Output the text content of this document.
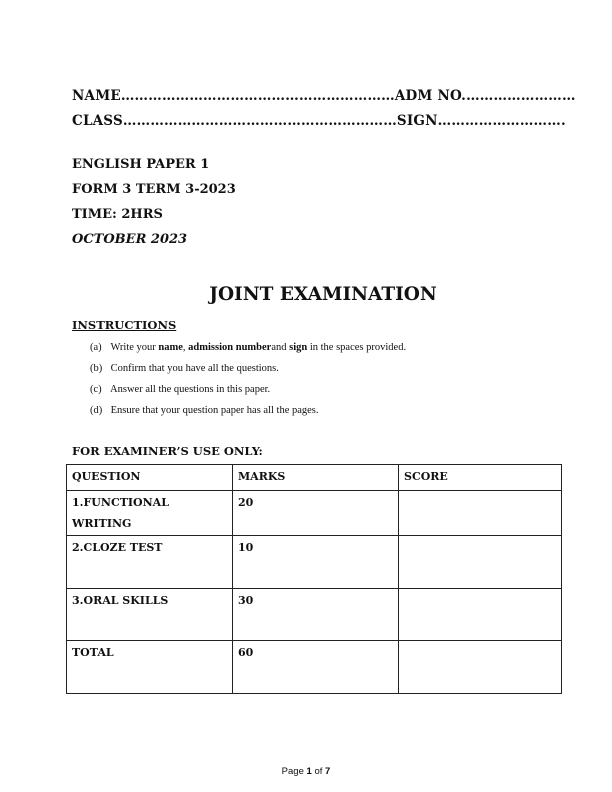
NAME……………………………………………………ADM NO.……………………
CLASS……………………………………………………SIGN……………………….
ENGLISH PAPER 1
FORM 3 TERM 3-2023
TIME: 2HRS
OCTOBER 2023
JOINT EXAMINATION
INSTRUCTIONS
(a) Write your name, admission numberand sign in the spaces provided.
(b) Confirm that you have all the questions.
(c) Answer all the questions in this paper.
(d) Ensure that your question paper has all the pages.
FOR EXAMINER’S USE ONLY:
QUESTION	MARKS	SCORE
1.FUNCTIONAL
WRITING	20	
2.CLOZE TEST	10	
3.ORAL SKILLS	30	
TOTAL	60	
Page 1 of 7
